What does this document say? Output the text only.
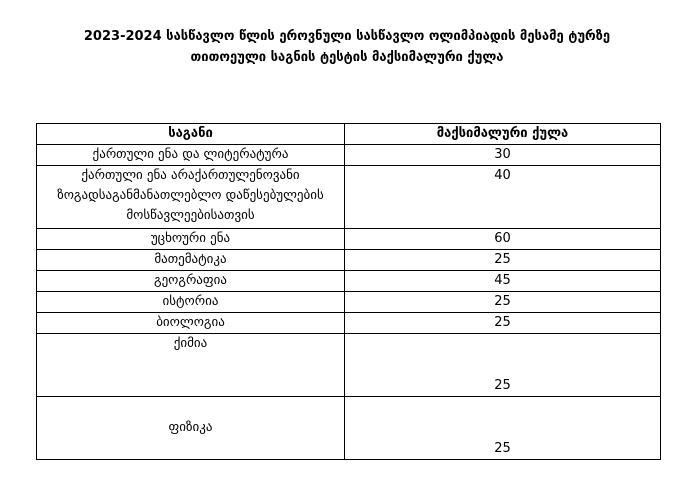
2023-2024 სასწავლო წლის ეროვნული სასწავლო ოლიმპიადის მესამე ტურზე
თითოეული საგნის ტესტის მაქსიმალური ქულა
საგანი	მაქსიმალური ქულა
ქართული ენა და ლიტერატურა	30
ქართული ენა არაქართულენოვანი ზოგადსაგანმანათლებლო დაწესებულების მოსწავლეებისათვის	40
უცხოური ენა	60
მათემატიკა	25
გეოგრაფია	45
ისტორია	25
ბიოლოგია	25
ქიმია	25
ფიზიკა	25
